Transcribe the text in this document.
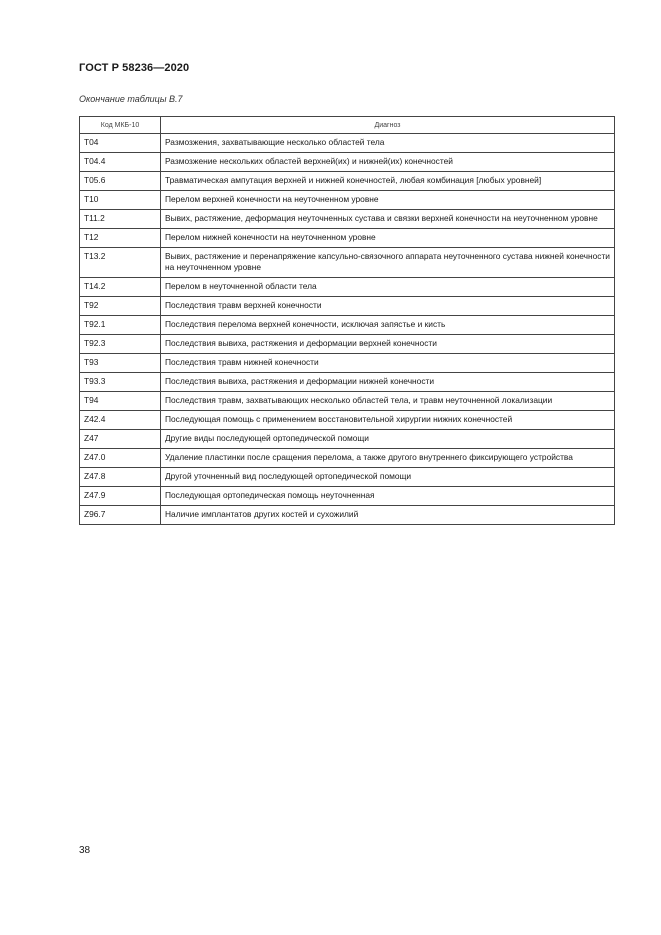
ГОСТ Р 58236—2020
Окончание таблицы В.7
Код МКБ-10	Диагноз
T04	Размозжения, захватывающие несколько областей тела
T04.4	Размозжение нескольких областей верхней(их) и нижней(их) конечностей
T05.6	Травматическая ампутация верхней и нижней конечностей, любая комбинация [любых уровней]
T10	Перелом верхней конечности на неуточненном уровне
T11.2	Вывих, растяжение, деформация неуточненных сустава и связки верхней конечности на неуточненном уровне
T12	Перелом нижней конечности на неуточненном уровне
T13.2	Вывих, растяжение и перенапряжение капсульно-связочного аппарата неуточненного сустава нижней конечности на неуточненном уровне
T14.2	Перелом в неуточненной области тела
T92	Последствия травм верхней конечности
T92.1	Последствия перелома верхней конечности, исключая запястье и кисть
T92.3	Последствия вывиха, растяжения и деформации верхней конечности
T93	Последствия травм нижней конечности
T93.3	Последствия вывиха, растяжения и деформации нижней конечности
T94	Последствия травм, захватывающих несколько областей тела, и травм неуточненной локализации
Z42.4	Последующая помощь с применением восстановительной хирургии нижних конечностей
Z47	Другие виды последующей ортопедической помощи
Z47.0	Удаление пластинки после сращения перелома, а также другого внутреннего фиксирующего устройства
Z47.8	Другой уточненный вид последующей ортопедической помощи
Z47.9	Последующая ортопедическая помощь неуточненная
Z96.7	Наличие имплантатов других костей и сухожилий
38
